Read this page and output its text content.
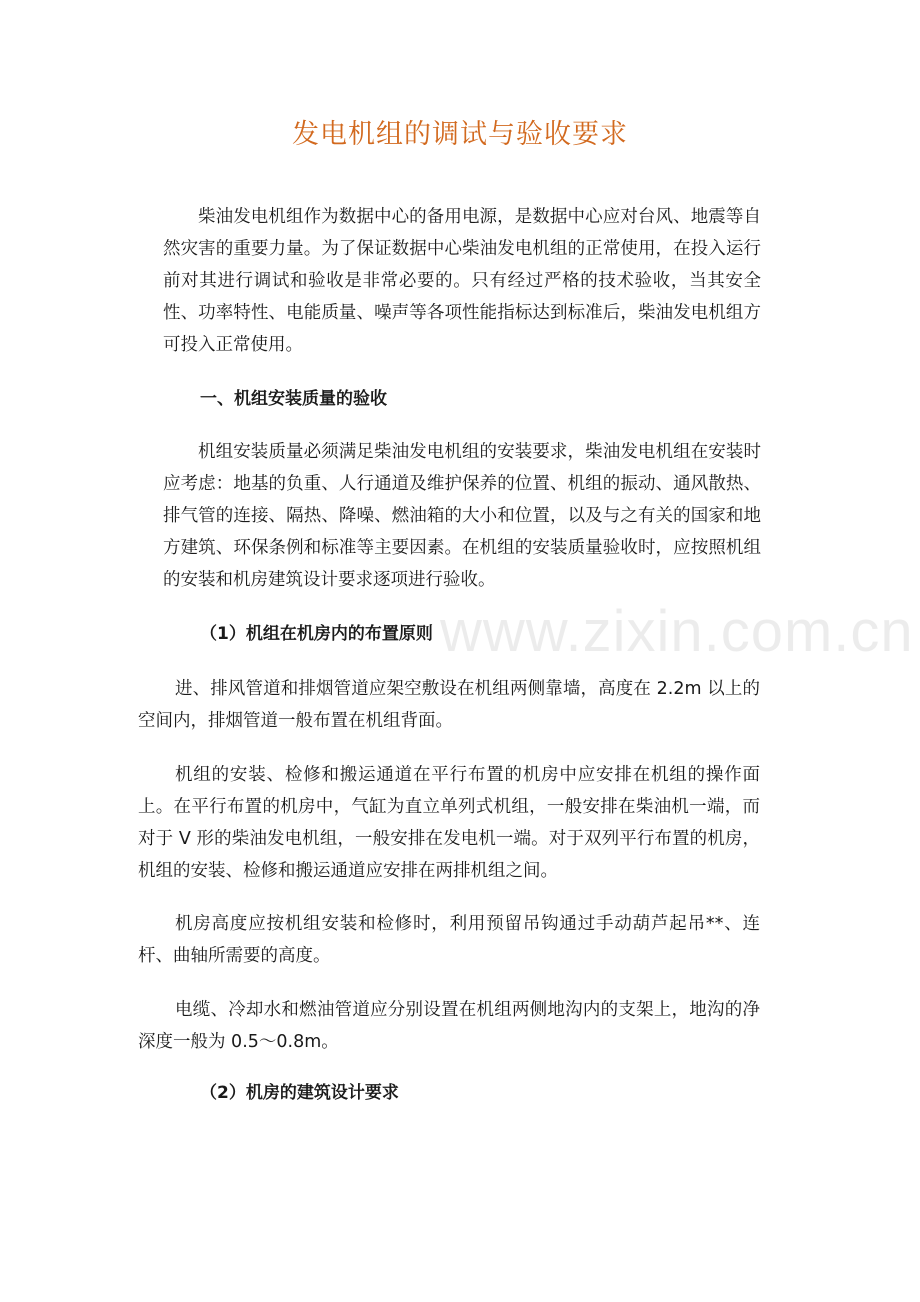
发电机组的调试与验收要求

柴油发电机组作为数据中心的备用电源，是数据中心应对台风、地震等自然灾害的重要力量。为了保证数据中心柴油发电机组的正常使用，在投入运行前对其进行调试和验收是非常必要的。只有经过严格的技术验收，当其安全性、功率特性、电能质量、噪声等各项性能指标达到标准后，柴油发电机组方可投入正常使用。

一、机组安装质量的验收

机组安装质量必须满足柴油发电机组的安装要求，柴油发电机组在安装时应考虑：地基的负重、人行通道及维护保养的位置、机组的振动、通风散热、排气管的连接、隔热、降噪、燃油箱的大小和位置，以及与之有关的国家和地方建筑、环保条例和标准等主要因素。在机组的安装质量验收时，应按照机组的安装和机房建筑设计要求逐项进行验收。

（1）机组在机房内的布置原则

进、排风管道和排烟管道应架空敷设在机组两侧靠墙，高度在 2.2m 以上的空间内，排烟管道一般布置在机组背面。

机组的安装、检修和搬运通道在平行布置的机房中应安排在机组的操作面上。在平行布置的机房中，气缸为直立单列式机组，一般安排在柴油机一端，而对于 V 形的柴油发电机组，一般安排在发电机一端。对于双列平行布置的机房，机组的安装、检修和搬运通道应安排在两排机组之间。

机房高度应按机组安装和检修时，利用预留吊钩通过手动葫芦起吊**、连杆、曲轴所需要的高度。

电缆、冷却水和燃油管道应分别设置在机组两侧地沟内的支架上，地沟的净深度一般为 0.5～0.8m。

（2）机房的建筑设计要求
www.zixin.com.cn
